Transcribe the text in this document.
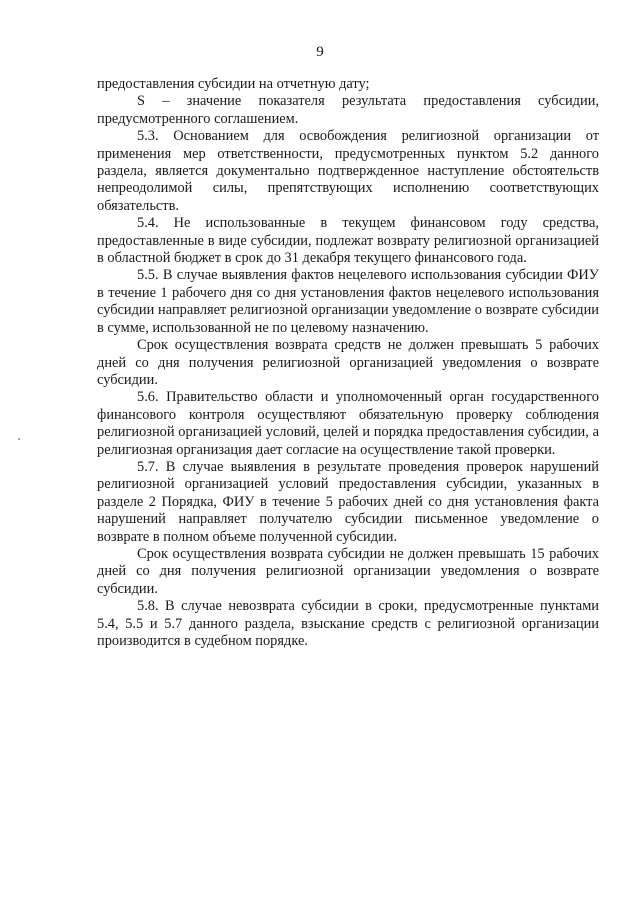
9

предоставления субсидии на отчетную дату;

S – значение показателя результата предоставления субсидии, предусмотренного соглашением.

5.3. Основанием для освобождения религиозной организации от применения мер ответственности, предусмотренных пунктом 5.2 данного раздела, является документально подтвержденное наступление обстоятельств непреодолимой силы, препятствующих исполнению соответствующих обязательств.

5.4. Не использованные в текущем финансовом году средства, предоставленные в виде субсидии, подлежат возврату религиозной организацией в областной бюджет в срок до 31 декабря текущего финансового года.

5.5. В случае выявления фактов нецелевого использования субсидии ФИУ в течение 1 рабочего дня со дня установления фактов нецелевого использования субсидии направляет религиозной организации уведомление о возврате субсидии в сумме, использованной не по целевому назначению.

Срок осуществления возврата средств не должен превышать 5 рабочих дней со дня получения религиозной организацией уведомления о возврате субсидии.

5.6. Правительство области и уполномоченный орган государственного финансового контроля осуществляют обязательную проверку соблюдения религиозной организацией условий, целей и порядка предоставления субсидии, а религиозная организация дает согласие на осуществление такой проверки.

5.7. В случае выявления в результате проведения проверок нарушений религиозной организацией условий предоставления субсидии, указанных в разделе 2 Порядка, ФИУ в течение 5 рабочих дней со дня установления факта нарушений направляет получателю субсидии письменное уведомление о возврате в полном объеме полученной субсидии.

Срок осуществления возврата субсидии не должен превышать 15 рабочих дней со дня получения религиозной организации уведомления о возврате субсидии.

5.8. В случае невозврата субсидии в сроки, предусмотренные пунктами 5.4, 5.5 и 5.7 данного раздела, взыскание средств с религиозной организации производится в судебном порядке.
